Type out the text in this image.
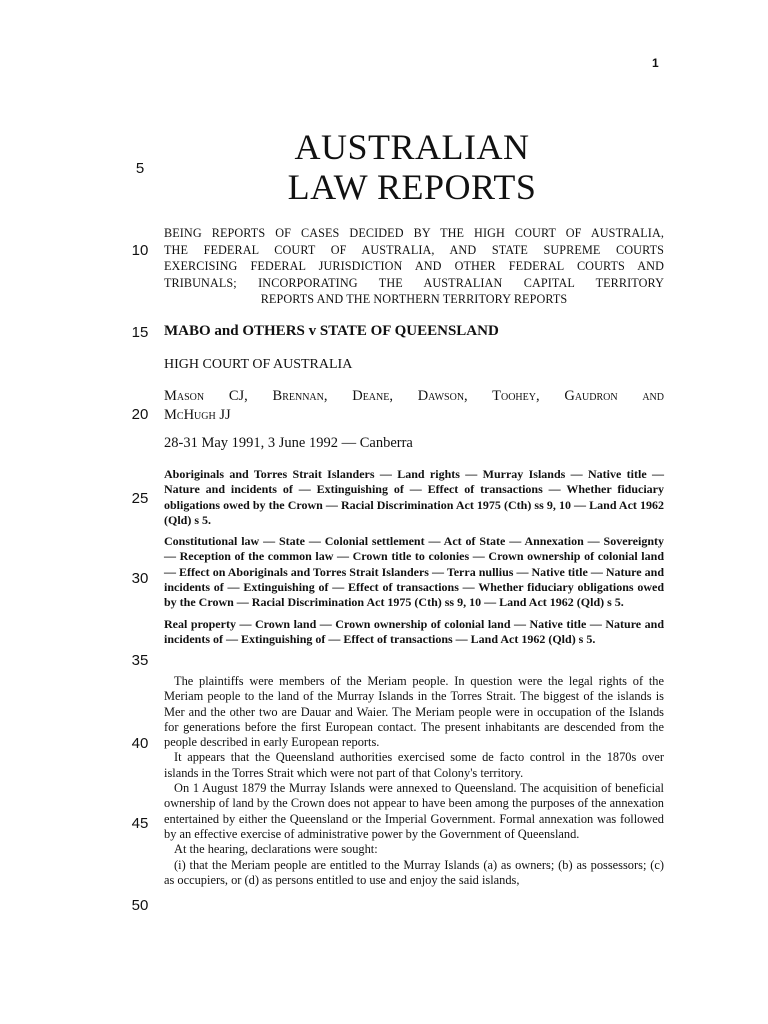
1
5
10
15
20
25
30
35
40
45
50
AUSTRALIAN
LAW REPORTS
BEING REPORTS OF CASES DECIDED BY THE HIGH COURT OF AUSTRALIA,
THE FEDERAL COURT OF AUSTRALIA, AND STATE SUPREME COURTS
EXERCISING FEDERAL JURISDICTION AND OTHER FEDERAL COURTS AND
TRIBUNALS; INCORPORATING THE AUSTRALIAN CAPITAL TERRITORY
REPORTS AND THE NORTHERN TERRITORY REPORTS
MABO and OTHERS v STATE OF QUEENSLAND
HIGH COURT OF AUSTRALIA
Mason CJ, Brennan, Deane, Dawson, Toohey, Gaudron and
McHugh JJ
28-31 May 1991, 3 June 1992 — Canberra

Aboriginals and Torres Strait Islanders — Land rights — Murray Islands — Native title — Nature and incidents of — Extinguishing of — Effect of transactions — Whether fiduciary obligations owed by the Crown — Racial Discrimination Act 1975 (Cth) ss 9, 10 — Land Act 1962 (Qld) s 5.

Constitutional law — State — Colonial settlement — Act of State — Annexation — Sovereignty — Reception of the common law — Crown title to colonies — Crown ownership of colonial land — Effect on Aboriginals and Torres Strait Islanders — Terra nullius — Native title — Nature and incidents of — Extinguishing of — Effect of transactions — Whether fiduciary obligations owed by the Crown — Racial Discrimination Act 1975 (Cth) ss 9, 10 — Land Act 1962 (Qld) s 5.

Real property — Crown land — Crown ownership of colonial land — Native title — Nature and incidents of — Extinguishing of — Effect of transactions — Land Act 1962 (Qld) s 5.

The plaintiffs were members of the Meriam people. In question were the legal rights of the Meriam people to the land of the Murray Islands in the Torres Strait. The biggest of the islands is Mer and the other two are Dauar and Waier. The Meriam people were in occupation of the Islands for generations before the first European contact. The present inhabitants are descended from the people described in early European reports.

It appears that the Queensland authorities exercised some de facto control in the 1870s over islands in the Torres Strait which were not part of that Colony's territory.

On 1 August 1879 the Murray Islands were annexed to Queensland. The acquisition of beneficial ownership of land by the Crown does not appear to have been among the purposes of the annexation entertained by either the Queensland or the Imperial Government. Formal annexation was followed by an effective exercise of administrative power by the Government of Queensland.

At the hearing, declarations were sought:

(i) that the Meriam people are entitled to the Murray Islands (a) as owners; (b) as possessors; (c) as occupiers, or (d) as persons entitled to use and enjoy the said islands,
